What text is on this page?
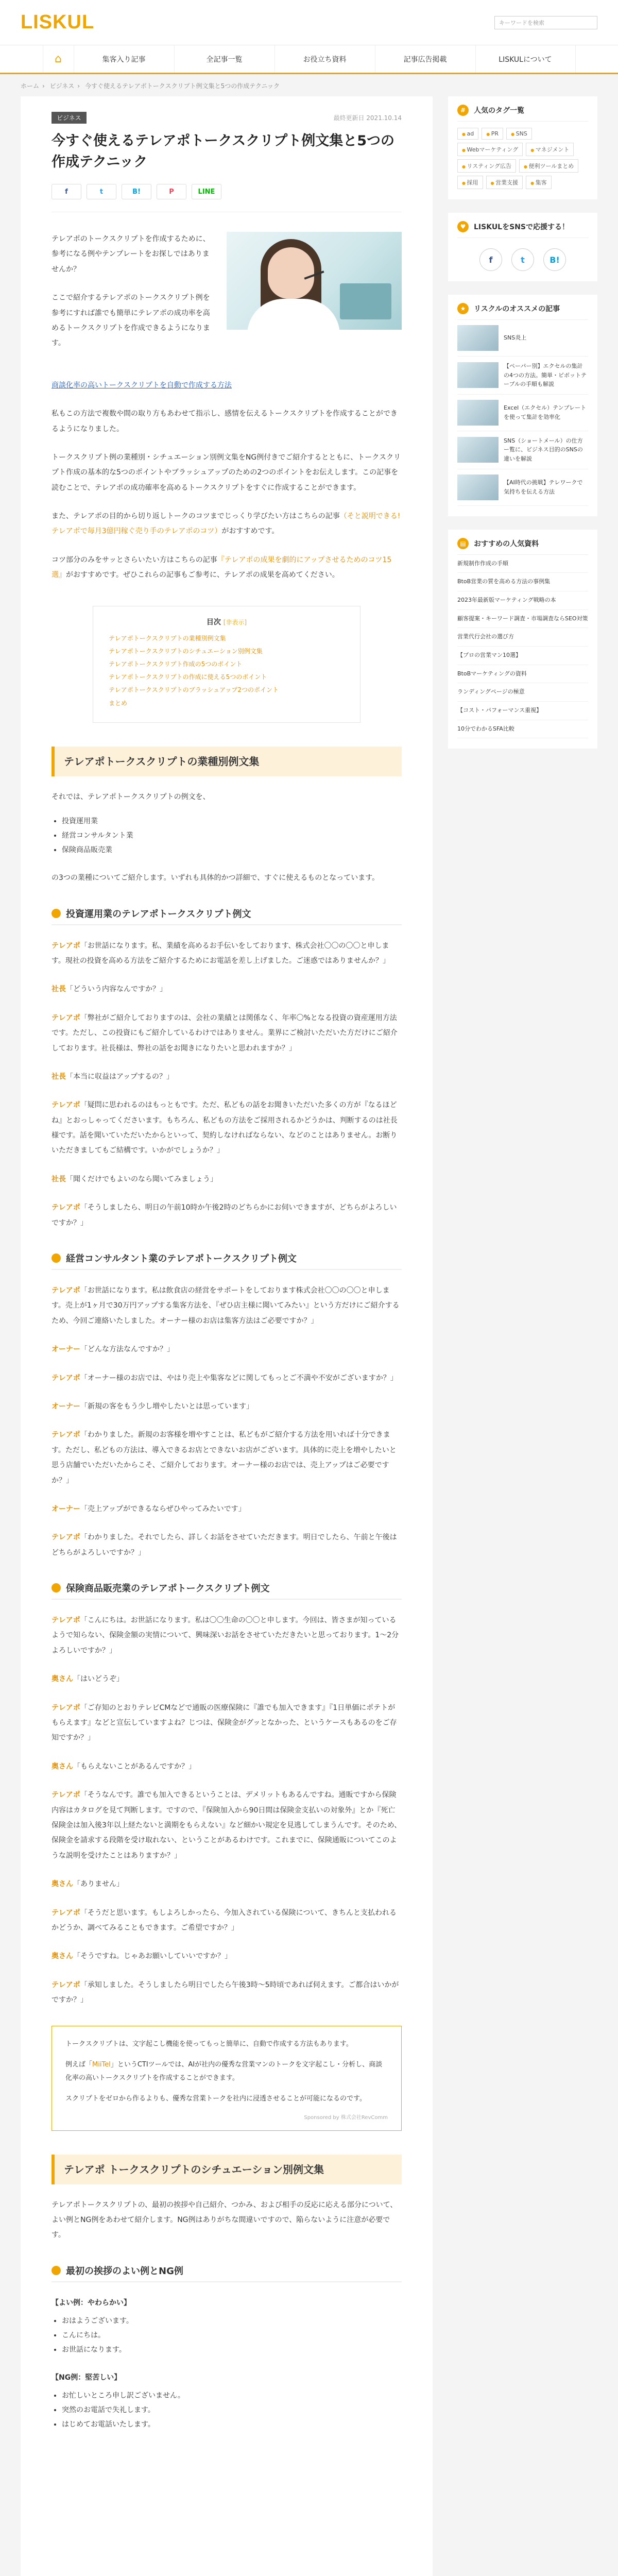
LISKUL	キーワードを検索
⌂	集客入り記事	全記事一覧	お役立ち資料	記事広告掲載	LISKULについて
ホーム › ビジネス › 今すぐ使えるテレアポトークスクリプト例文集と5つの作成テクニック
ビジネス	最終更新日 2021.10.14
今すぐ使えるテレアポトークスクリプト例文集と5つの作成テクニック
f	t	B!	P	LINE

テレアポのトークスクリプトを作成するために、参考になる例やテンプレートをお探しではありませんか？

ここで紹介するテレアポのトークスクリプト例を参考にすれば誰でも簡単にテレアポの成功率を高めるトークスクリプトを作成できるようになります。

商談化率の高いトークスクリプトを自動で作成する方法
私もこの方法で複数や間の取り方もあわせて指示し、感情を伝えるトークスクリプトを作成することができるようになりました。
トークスクリプト例の業種別・シチュエーション別例文集をNG例付きでご紹介するとともに、トークスクリプト作成の基本的な5つのポイントやブラッシュアップのための2つのポイントをお伝えします。この記事を読むことで、テレアポの成功確率を高めるトークスクリプトをすぐに作成することができます。
また、テレアポの目的から切り返しトークのコツまでじっくり学びたい方はこちらの記事（そと説明できる!テレアポで毎月3億円稼ぐ売り手のテレアポのコツ）がおすすめです。
コツ部分のみをサッとさらいたい方はこちらの記事『テレアポの成果を劇的にアップさせるためのコツ15選』がおすすめです。ぜひこれらの記事もご参考に、テレアポの成果を高めてください。
目次 [非表示]
テレアポトークスクリプトの業種別例文集
テレアポトークスクリプトのシチュエーション別例文集
テレアポトークスクリプト作成の5つのポイント
テレアポトークスクリプトの作成に使える5つのポイント
テレアポトークスクリプトのブラッシュアップ2つのポイント
まとめ
テレアポトークスクリプトの業種別例文集
それでは、テレアポトークスクリプトの例文を、
• 投資運用業
• 経営コンサルタント業
• 保険商品販売業
の3つの業種についてご紹介します。いずれも具体的かつ詳細で、すぐに使えるものとなっています。
投資運用業のテレアポトークスクリプト例文
テレアポ「お世話になります。私、業績を高めるお手伝いをしております、株式会社〇〇の〇〇と申します。現社の投資を高める方法をご紹介するためにお電話を差し上げました。ご迷惑ではありませんか？」
社長「どういう内容なんですか？」
テレアポ「弊社がご紹介しておりますのは、会社の業績とは関係なく、年率〇%となる投資の資産運用方法です。ただし、この投資にもご紹介しているわけではありません。業界にご検討いただいた方だけにご紹介しております。社長様は、弊社の話をお聞きになりたいと思われますか？」
社長「本当に収益はアップするの？」
テレアポ「疑問に思われるのはもっともです。ただ、私どもの話をお聞きいただいた多くの方が『なるほどね』とおっしゃってくださいます。もちろん、私どもの方法をご採用されるかどうかは、判断するのは社長様です。話を聞いていただいたからといって、契約しなければならない、などのことはありません。お断りいただきましてもご結構です。いかがでしょうか？」
社長「聞くだけでもよいのなら聞いてみましょう」
テレアポ「そうしましたら、明日の午前10時か午後2時のどちらかにお伺いできますが、どちらがよろしいですか？」
経営コンサルタント業のテレアポトークスクリプト例文
テレアポ「お世話になります。私は飲食店の経営をサポートをしております株式会社〇〇の〇〇と申します。売上が1ヶ月で30万円アップする集客方法を、『ぜひ店主様に聞いてみたい』という方だけにご紹介するため、今回ご連絡いたしました。オーナー様のお店は集客方法はご必要ですか？」
オーナー「どんな方法なんですか？」
テレアポ「オーナー様のお店では、やはり売上や集客などに関してもっとご不満や不安がございますか？」
オーナー「新規の客をもう少し増やしたいとは思っています」
テレアポ「わかりました。新規のお客様を増やすことは、私どもがご紹介する方法を用いれば十分できます。ただし、私どもの方法は、導入できるお店とできないお店がございます。具体的に売上を増やしたいと思う店舗でいただいたからこそ、ご紹介しております。オーナー様のお店では、売上アップはご必要ですか？」
オーナー「売上アップができるならぜひやってみたいです」
テレアポ「わかりました。それでしたら、詳しくお話をさせていただきます。明日でしたら、午前と午後はどちらがよろしいですか？」
保険商品販売業のテレアポトークスクリプト例文
テレアポ「こんにちは。お世話になります。私は〇〇生命の〇〇と申します。今回は、皆さまが知っているようで知らない、保険金額の実情について、興味深いお話をさせていただきたいと思っております。1〜2分よろしいですか？」
奥さん「はいどうぞ」
テレアポ「ご存知のとおりテレビCMなどで通販の医療保険に『誰でも加入できます』『1日単価にポテトがもらえます』などと宣伝していますよね？じつは、保険金がグッとなかった、というケースもあるのをご存知ですか？」
奥さん「もらえないことがあるんですか？」
テレアポ「そうなんです。誰でも加入できるということは、デメリットもあるんですね。通販ですから保険内容はカタログを見て判断します。ですので、『保険加入から90日間は保険金支払いの対象外』とか『死亡保険金は加入後3年以上経たないと満期をもらえない』など細かい規定を見逃してしまうんです。そのため、保険金を請求する段階を受け取れない、ということがあるわけです。これまでに、保険通販についてこのような説明を受けたことはありますか？」
奥さん「ありません」
テレアポ「そうだと思います。もしよろしかったら、今加入されている保険について、きちんと支払われるかどうか、調べてみることもできます。ご希望ですか？」
奥さん「そうですね。じゃあお願いしていいですか？」
テレアポ「承知しました。そうしましたら明日でしたら午後3時〜5時頃であれば伺えます。ご都合はいかがですか？」

トークスクリプトは、文字起こし機能を使ってもっと簡単に、自動で作成する方法もあります。

例えば「MiiTel」というCTIツールでは、AIが社内の優秀な営業マンのトークを文字起こし・分析し、商談化率の高いトークスクリプトを作成することができます。

スクリプトをゼロから作るよりも、優秀な営業トークを社内に浸透させることが可能になるのです。

Sponsored by 株式会社RevComm
テレアポ トークスクリプトのシチュエーション別例文集
テレアポトークスクリプトの、最初の挨拶や自己紹介、つかみ、および相手の反応に応える部分について、よい例とNG例をあわせて紹介します。NG例はありがちな間違いですので、陥らないように注意が必要です。
最初の挨拶のよい例とNG例
【よい例：やわらかい】
• おはようございます。
• こんにちは。
• お世話になります。
【NG例：堅苦しい】
• お忙しいところ申し訳ございません。
• 突然のお電話で失礼します。
• はじめてお電話いたします。
#	人気のタグ一覧
● ad	● PR	● SNS
● Webマーケティング	● マネジメント
● リスティング広告	● 便利ツールまとめ
● 採用	● 営業支援	● 集客
♥	LISKULをSNSで応援する！
f	t	B!
★	リスクルのオススメの記事
SNS炎上
【ペーパー別】エクセルの集計の4つの方法。簡単・ピボットテーブルの手順も解説
Excel（エクセル）テンプレートを使って集計を効率化
SNS（ショートメール）の仕方ー覧に、ビジネス目的のSNSの違いを解説
【AI時代の挑戦】テレワークで気持ちを伝える方法
▤	おすすめの人気資料
新規制作作成の手順
BtoB営業の質を高める方法の事例集
2023年最新版マーケティング戦略の本
顧客提案・キーワード調査・市場調査ならSEO対策
営業代行会社の選び方
【プロの営業マン10選】
BtoBマーケティングの資料
ランディングページの極意
【コスト・パフォーマンス重視】
10分でわかるSFA比較
